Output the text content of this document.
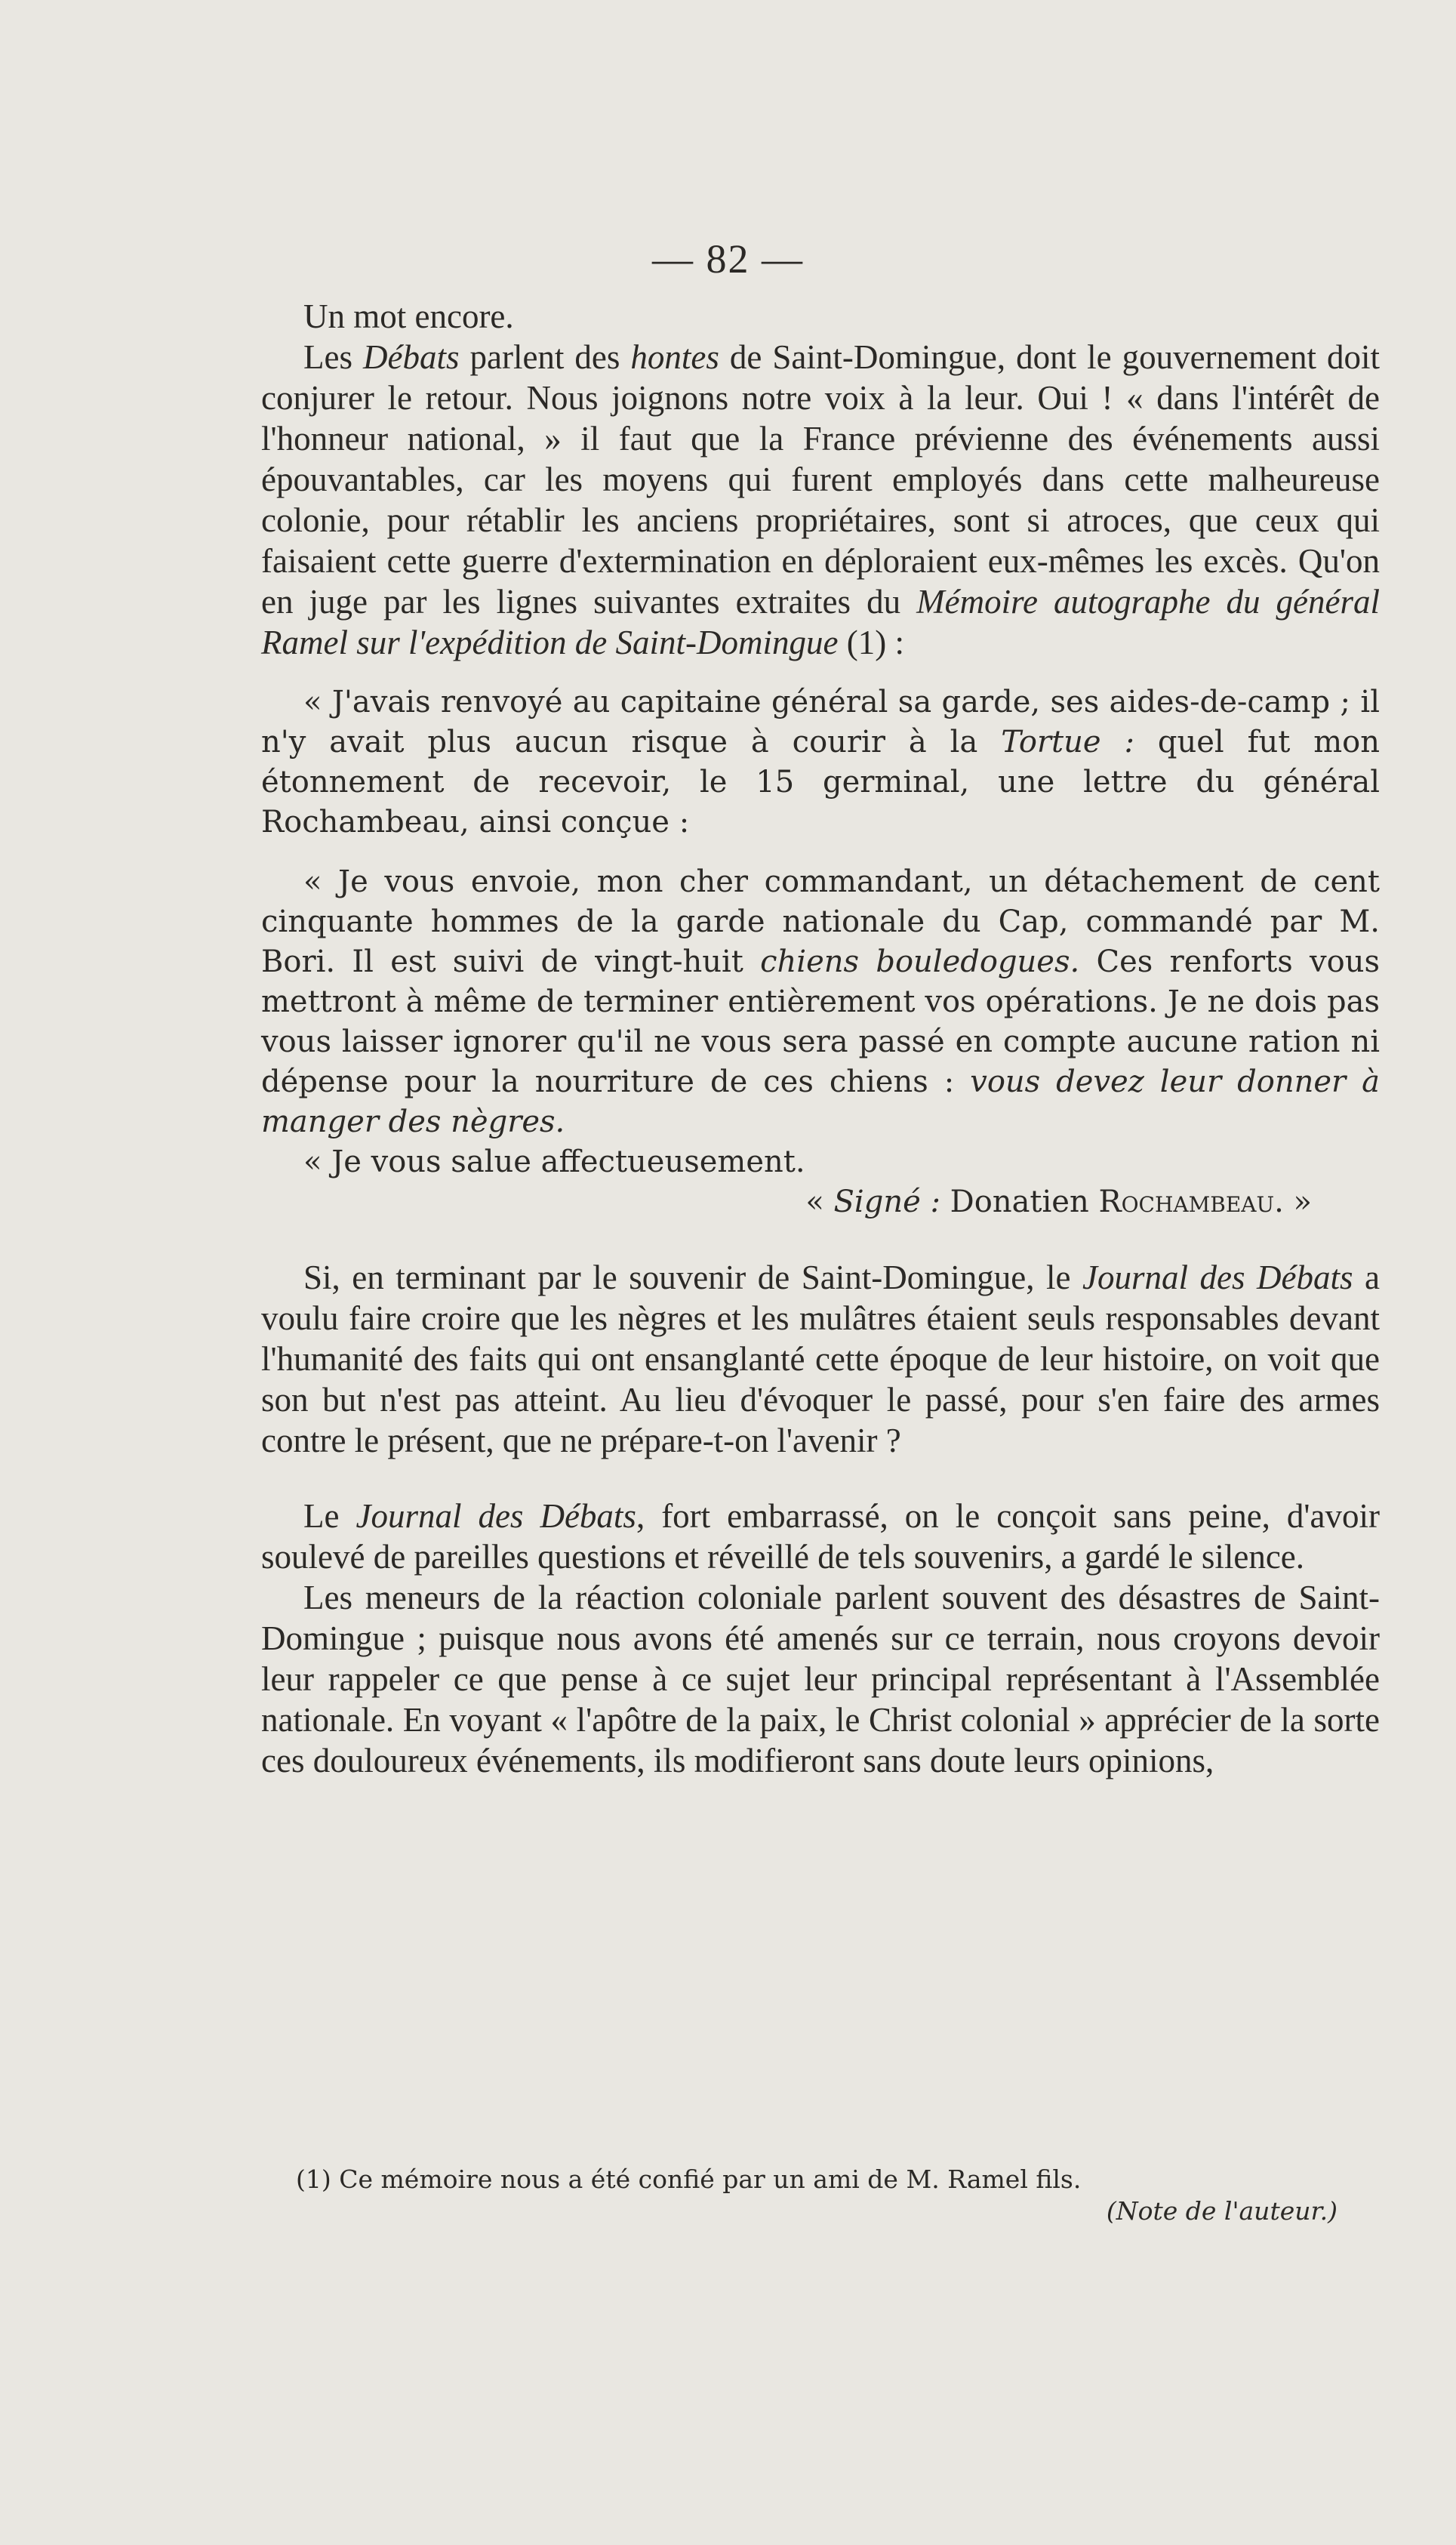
— 82 —

Un mot encore.

Les Débats parlent des hontes de Saint-Domingue, dont le gouvernement doit conjurer le retour. Nous joignons notre voix à la leur. Oui ! « dans l'intérêt de l'honneur national, » il faut que la France prévienne des événements aussi épouvantables, car les moyens qui furent employés dans cette malheureuse colonie, pour rétablir les anciens propriétaires, sont si atroces, que ceux qui faisaient cette guerre d'extermination en déploraient eux-mêmes les excès. Qu'on en juge par les lignes suivantes extraites du Mémoire autographe du général Ramel sur l'expédition de Saint-Domingue (1) :

« J'avais renvoyé au capitaine général sa garde, ses aides-de-camp ; il n'y avait plus aucun risque à courir à la Tortue : quel fut mon étonnement de recevoir, le 15 germinal, une lettre du général Rochambeau, ainsi conçue :

« Je vous envoie, mon cher commandant, un détachement de cent cinquante hommes de la garde nationale du Cap, commandé par M. Bori. Il est suivi de vingt-huit chiens bouledogues. Ces renforts vous mettront à même de terminer entièrement vos opérations. Je ne dois pas vous laisser ignorer qu'il ne vous sera passé en compte aucune ration ni dépense pour la nourriture de ces chiens : vous devez leur donner à manger des nègres.

« Je vous salue affectueusement.

« Signé : Donatien Rochambeau. »

Si, en terminant par le souvenir de Saint-Domingue, le Journal des Débats a voulu faire croire que les nègres et les mulâtres étaient seuls responsables devant l'humanité des faits qui ont ensanglanté cette époque de leur histoire, on voit que son but n'est pas atteint. Au lieu d'évoquer le passé, pour s'en faire des armes contre le présent, que ne prépare-t-on l'avenir ?

Le Journal des Débats, fort embarrassé, on le conçoit sans peine, d'avoir soulevé de pareilles questions et réveillé de tels souvenirs, a gardé le silence.

Les meneurs de la réaction coloniale parlent souvent des désastres de Saint-Domingue ; puisque nous avons été amenés sur ce terrain, nous croyons devoir leur rappeler ce que pense à ce sujet leur principal représentant à l'Assemblée nationale. En voyant « l'apôtre de la paix, le Christ colonial » apprécier de la sorte ces douloureux événements, ils modifieront sans doute leurs opinions,

(1) Ce mémoire nous a été confié par un ami de M. Ramel fils.
(Note de l'auteur.)
